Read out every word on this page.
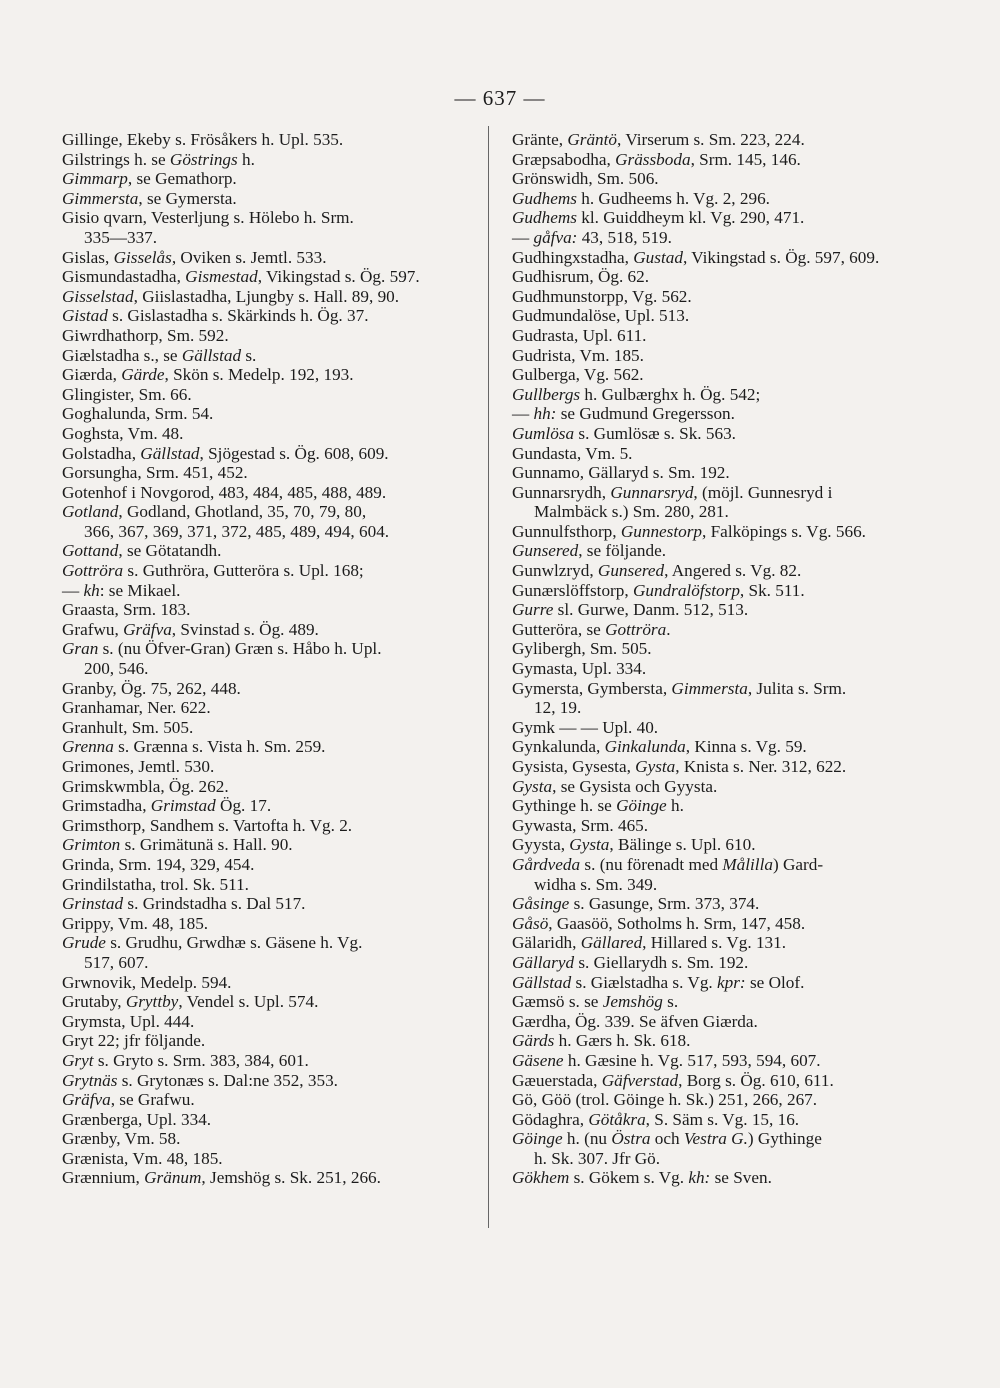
— 637 —
Gillinge, Ekeby s. Frösåkers h. Upl. 535.
Gilstrings h. se Göstrings h.
Gimmarp, se Gemathorp.
Gimmersta, se Gymersta.
Gisio qvarn, Vesterljung s. Hölebo h. Srm.
335—337.
Gislas, Gisselås, Oviken s. Jemtl. 533.
Gismundastadha, Gismestad, Vikingstad s. Ög. 597.
Gisselstad, Giislastadha, Ljungby s. Hall. 89, 90.
Gistad s. Gislastadha s. Skärkinds h. Ög. 37.
Giwrdhathorp, Sm. 592.
Giælstadha s., se Gällstad s.
Giærda, Gärde, Skön s. Medelp. 192, 193.
Glingister, Sm. 66.
Goghalunda, Srm. 54.
Goghsta, Vm. 48.
Golstadha, Gällstad, Sjögestad s. Ög. 608, 609.
Gorsungha, Srm. 451, 452.
Gotenhof i Novgorod, 483, 484, 485, 488, 489.
Gotland, Godland, Ghotland, 35, 70, 79, 80,
366, 367, 369, 371, 372, 485, 489, 494, 604.
Gottand, se Götatandh.
Gottröra s. Guthröra, Gutteröra s. Upl. 168;
— kh: se Mikael.
Graasta, Srm. 183.
Grafwu, Gräfva, Svinstad s. Ög. 489.
Gran s. (nu Öfver-Gran) Græn s. Håbo h. Upl.
200, 546.
Granby, Ög. 75, 262, 448.
Granhamar, Ner. 622.
Granhult, Sm. 505.
Grenna s. Grænna s. Vista h. Sm. 259.
Grimones, Jemtl. 530.
Grimskwmbla, Ög. 262.
Grimstadha, Grimstad Ög. 17.
Grimsthorp, Sandhem s. Vartofta h. Vg. 2.
Grimton s. Grimätunä s. Hall. 90.
Grinda, Srm. 194, 329, 454.
Grindilstatha, trol. Sk. 511.
Grinstad s. Grindstadha s. Dal 517.
Grippy, Vm. 48, 185.
Grude s. Grudhu, Grwdhæ s. Gäsene h. Vg.
517, 607.
Grwnovik, Medelp. 594.
Grutaby, Gryttby, Vendel s. Upl. 574.
Grymsta, Upl. 444.
Gryt 22; jfr följande.
Gryt s. Gryto s. Srm. 383, 384, 601.
Grytnäs s. Grytonæs s. Dal:ne 352, 353.
Gräfva, se Grafwu.
Grænberga, Upl. 334.
Grænby, Vm. 58.
Grænista, Vm. 48, 185.
Grænnium, Gränum, Jemshög s. Sk. 251, 266.
Gränte, Gräntö, Virserum s. Sm. 223, 224.
Græpsabodha, Grässboda, Srm. 145, 146.
Grönswidh, Sm. 506.
Gudhems h. Gudheems h. Vg. 2, 296.
Gudhems kl. Guiddheym kl. Vg. 290, 471.
— gåfva: 43, 518, 519.
Gudhingxstadha, Gustad, Vikingstad s. Ög. 597, 609.
Gudhisrum, Ög. 62.
Gudhmunstorpp, Vg. 562.
Gudmundalöse, Upl. 513.
Gudrasta, Upl. 611.
Gudrista, Vm. 185.
Gulberga, Vg. 562.
Gullbergs h. Gulbærghx h. Ög. 542;
— hh: se Gudmund Gregersson.
Gumlösa s. Gumlösæ s. Sk. 563.
Gundasta, Vm. 5.
Gunnamo, Gällaryd s. Sm. 192.
Gunnarsrydh, Gunnarsryd, (möjl. Gunnesryd i
Malmbäck s.) Sm. 280, 281.
Gunnulfsthorp, Gunnestorp, Falköpings s. Vg. 566.
Gunsered, se följande.
Gunwlzryd, Gunsered, Angered s. Vg. 82.
Gunærslöffstorp, Gundralöfstorp, Sk. 511.
Gurre sl. Gurwe, Danm. 512, 513.
Gutteröra, se Gottröra.
Gylibergh, Sm. 505.
Gymasta, Upl. 334.
Gymersta, Gymbersta, Gimmersta, Julita s. Srm.
12, 19.
Gymk — — Upl. 40.
Gynkalunda, Ginkalunda, Kinna s. Vg. 59.
Gysista, Gysesta, Gysta, Knista s. Ner. 312, 622.
Gysta, se Gysista och Gyysta.
Gythinge h. se Göinge h.
Gywasta, Srm. 465.
Gyysta, Gysta, Bälinge s. Upl. 610.
Gårdveda s. (nu förenadt med Målilla) Gard-
widha s. Sm. 349.
Gåsinge s. Gasunge, Srm. 373, 374.
Gåsö, Gaasöö, Sotholms h. Srm, 147, 458.
Gälaridh, Gällared, Hillared s. Vg. 131.
Gällaryd s. Giellarydh s. Sm. 192.
Gällstad s. Giælstadha s. Vg. kpr: se Olof.
Gæmsö s. se Jemshög s.
Gærdha, Ög. 339. Se äfven Giærda.
Gärds h. Gærs h. Sk. 618.
Gäsene h. Gæsine h. Vg. 517, 593, 594, 607.
Gæuerstada, Gäfverstad, Borg s. Ög. 610, 611.
Gö, Göö (trol. Göinge h. Sk.) 251, 266, 267.
Gödaghra, Götåkra, S. Säm s. Vg. 15, 16.
Göinge h. (nu Östra och Vestra G.) Gythinge
h. Sk. 307. Jfr Gö.
Gökhem s. Gökem s. Vg. kh: se Sven.
